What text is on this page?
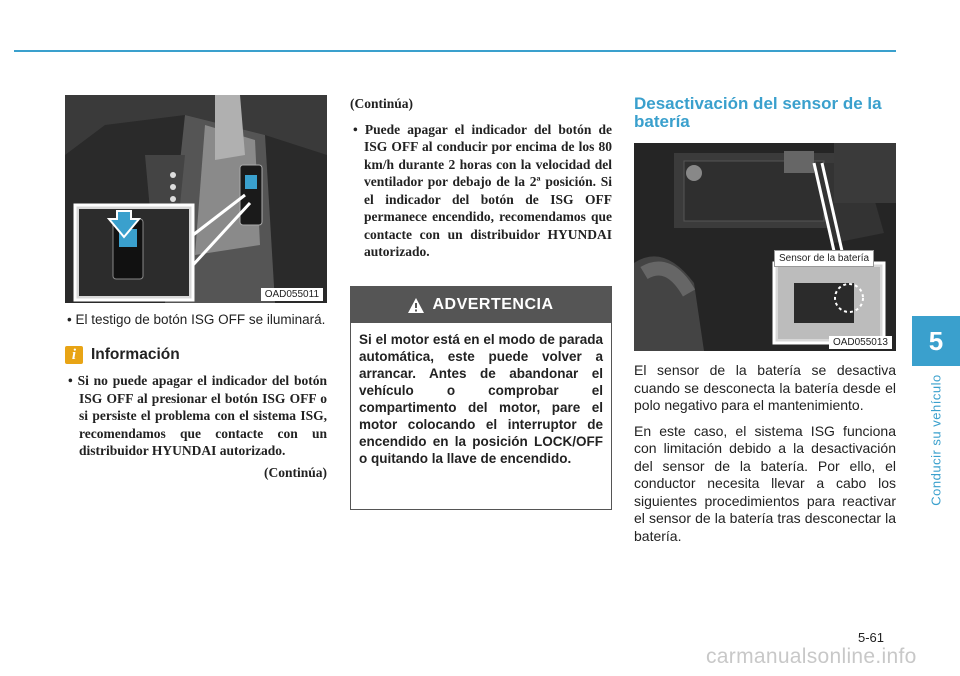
OAD055011
• El testigo de botón ISG OFF se iluminará.
i Información
• Si no puede apagar el indicador del botón ISG OFF al presionar el botón ISG OFF o si persiste el problema con el sistema ISG, recomendamos que contacte con un distribuidor HYUNDAI autorizado.
(Continúa)
(Continúa)
• Puede apagar el indicador del botón de ISG OFF al conducir por encima de los 80 km/h durante 2 horas con la velocidad del ventilador por debajo de la 2ª posición. Si el indicador del botón de ISG OFF permanece encendido, recomendamos que contacte con un distribuidor HYUNDAI autorizado.
ADVERTENCIA
Si el motor está en el modo de parada automática, este puede volver a arrancar. Antes de abandonar el vehículo o comprobar el compartimento del motor, pare el motor colocando el interruptor de encendido en la posición LOCK/OFF o quitando la llave de encendido.
Desactivación del sensor de la batería
Sensor de la batería
OAD055013
El sensor de la batería se desactiva cuando se desconecta la batería desde el polo negativo para el mantenimiento.
En este caso, el sistema ISG funciona con limitación debido a la desactivación del sensor de la batería. Por ello, el conductor necesita llevar a cabo los siguientes procedimientos para reactivar el sensor de la batería tras desconectar la batería.
5
Conducir su vehículo
5-61
carmanualsonline.info
